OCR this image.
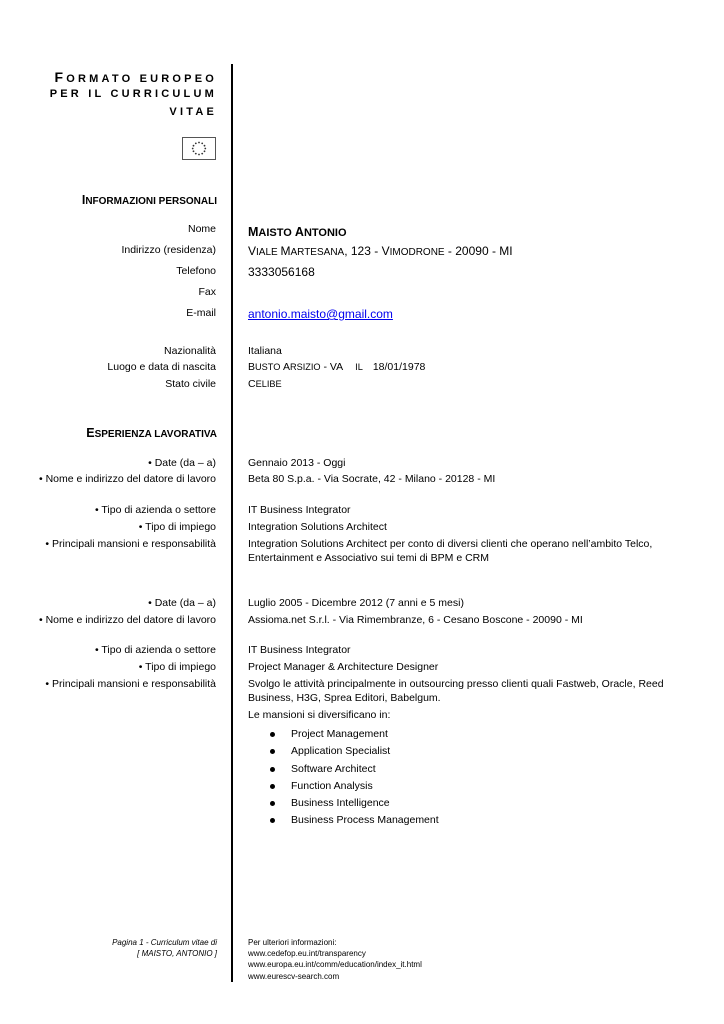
FORMATO EUROPEO
PER IL CURRICULUM
VITAE
INFORMAZIONI PERSONALI
Nome	MAISTO ANTONIO
Indirizzo (residenza)	VIALE MARTESANA, 123 - VIMODRONE - 20090 - MI
Telefono	3333056168
Fax
E-mail	antonio.maisto@gmail.com
Nazionalità	Italiana
Luogo e data di nascita	BUSTO ARSIZIO - VA IL 18/01/1978
Stato civile	CELIBE
ESPERIENZA LAVORATIVA
• Date (da – a)	Gennaio 2013 - Oggi
• Nome e indirizzo del datore di lavoro	Beta 80 S.p.a. - Via Socrate, 42 - Milano - 20128 - MI
• Tipo di azienda o settore	IT Business Integrator
• Tipo di impiego	Integration Solutions Architect
• Principali mansioni e responsabilità	Integration Solutions Architect per conto di diversi clienti che operano nell’ambito Telco, Entertainment e Associativo sui temi di BPM e CRM
• Date (da – a)	Luglio 2005 - Dicembre 2012 (7 anni e 5 mesi)
• Nome e indirizzo del datore di lavoro	Assioma.net S.r.l. - Via Rimembranze, 6 - Cesano Boscone - 20090 - MI
• Tipo di azienda o settore	IT Business Integrator
• Tipo di impiego	Project Manager & Architecture Designer
• Principali mansioni e responsabilità	Svolgo le attività principalmente in outsourcing presso clienti quali Fastweb, Oracle, Reed Business, H3G, Sprea Editori, Babelgum.
Le mansioni si diversificano in:
Project Management
Application Specialist
Software Architect
Function Analysis
Business Intelligence
Business Process Management
Pagina 1 - Curriculum vitae di
[ MAISTO, ANTONIO ]
Per ulteriori informazioni:
www.cedefop.eu.int/transparency
www.europa.eu.int/comm/education/index_it.html
www.eurescv-search.com
